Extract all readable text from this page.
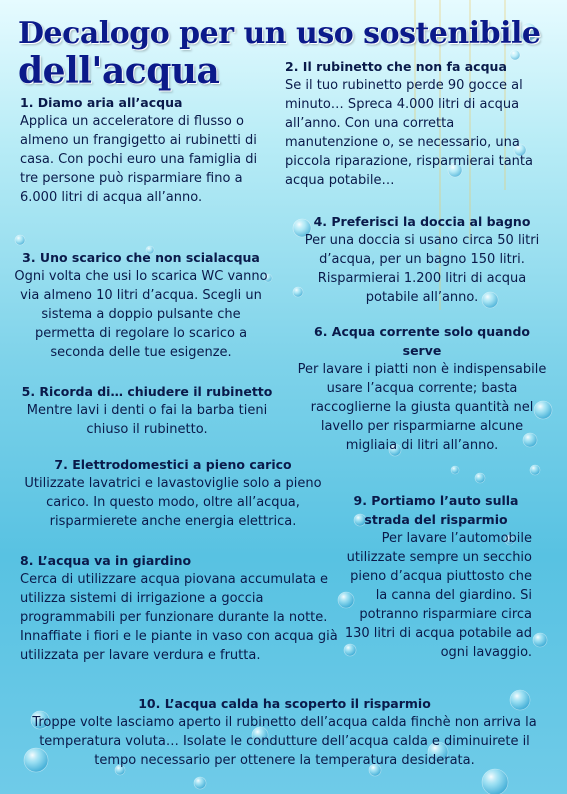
Decalogo per un uso sostenibile
dell'acqua
1. Diamo aria all’acqua

Applica un acceleratore di flusso o almeno un frangigetto ai rubinetti di casa. Con pochi euro una famiglia di tre persone può risparmiare fino a 6.000 litri di acqua all’anno.

2. Il rubinetto che non fa acqua

Se il tuo rubinetto perde 90 gocce al minuto… Spreca 4.000 litri di acqua all’anno. Con una corretta manutenzione o, se necessario, una piccola riparazione, risparmierai tanta acqua potabile…

3. Uno scarico che non scialacqua

Ogni volta che usi lo scarica WC vanno via almeno 10 litri d’acqua. Scegli un sistema a doppio pulsante che permetta di regolare lo scarico a seconda delle tue esigenze.

4. Preferisci la doccia al bagno

Per una doccia si usano circa 50 litri d’acqua, per un bagno 150 litri. Risparmierai 1.200 litri di acqua potabile all’anno.

5. Ricorda di… chiudere il rubinetto

Mentre lavi i denti o fai la barba tieni chiuso il rubinetto.

6. Acqua corrente solo quando serve

Per lavare i piatti non è indispensabile usare l’acqua corrente; basta raccoglierne la giusta quantità nel lavello per risparmiarne alcune migliaia di litri all’anno.

7. Elettrodomestici a pieno carico

Utilizzate lavatrici e lavastoviglie solo a pieno carico. In questo modo, oltre all’acqua, risparmierete anche energia elettrica.

8. L’acqua va in giardino

Cerca di utilizzare acqua piovana accumulata e utilizza sistemi di irrigazione a goccia programmabili per funzionare durante la notte. Innaffiate i fiori e le piante in vaso con acqua già utilizzata per lavare verdura e frutta.

9. Portiamo l’auto sulla strada del risparmio

Per lavare l’automobile utilizzate sempre un secchio pieno d’acqua piuttosto che la canna del giardino. Si potranno risparmiare circa 130 litri di acqua potabile ad ogni lavaggio.

10. L’acqua calda ha scoperto il risparmio

Troppe volte lasciamo aperto il rubinetto dell’acqua calda finchè non arriva la temperatura voluta… Isolate le condutture dell’acqua calda e diminuirete il tempo necessario per ottenere la temperatura desiderata.
